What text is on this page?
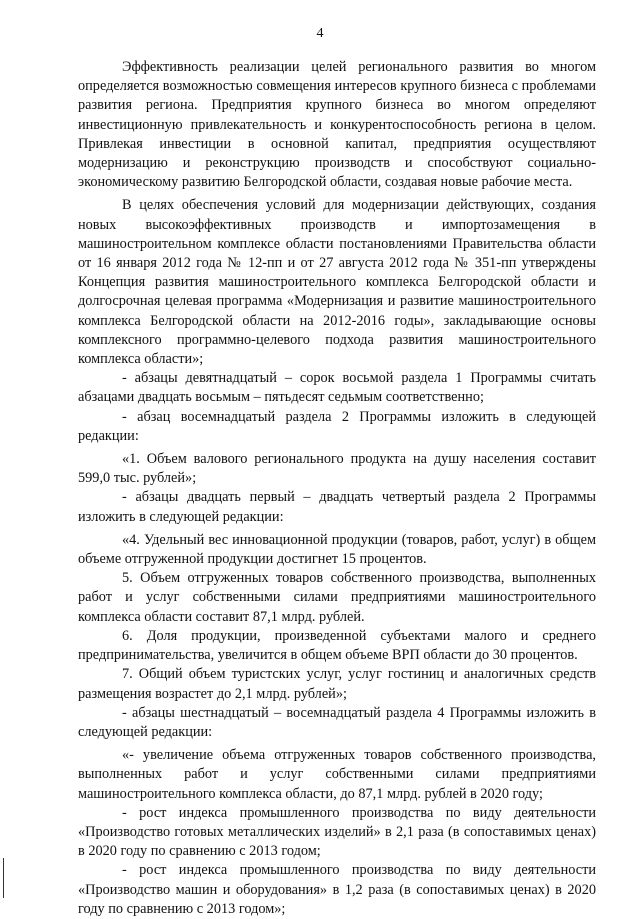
4

Эффективность реализации целей регионального развития во многом определяется возможностью совмещения интересов крупного бизнеса с проблемами развития региона. Предприятия крупного бизнеса во многом определяют инвестиционную привлекательность и конкурентоспособность региона в целом. Привлекая инвестиции в основной капитал, предприятия осуществляют модернизацию и реконструкцию производств и способствуют социально-экономическому развитию Белгородской области, создавая новые рабочие места.

В целях обеспечения условий для модернизации действующих, создания новых высокоэффективных производств и импортозамещения в машиностроительном комплексе области постановлениями Правительства области от 16 января 2012 года № 12-пп и от 27 августа 2012 года № 351-пп утверждены Концепция развития машиностроительного комплекса Белгородской области и долгосрочная целевая программа «Модернизация и развитие машиностроительного комплекса Белгородской области на 2012-2016 годы», закладывающие основы комплексного программно-целевого подхода развития машиностроительного комплекса области»;

- абзацы девятнадцатый – сорок восьмой раздела 1 Программы считать абзацами двадцать восьмым – пятьдесят седьмым соответственно;

- абзац восемнадцатый раздела 2 Программы изложить в следующей редакции:

«1. Объем валового регионального продукта на душу населения составит 599,0 тыс. рублей»;

- абзацы двадцать первый – двадцать четвертый раздела 2 Программы изложить в следующей редакции:

«4. Удельный вес инновационной продукции (товаров, работ, услуг) в общем объеме отгруженной продукции достигнет 15 процентов.

5. Объем отгруженных товаров собственного производства, выполненных работ и услуг собственными силами предприятиями машиностроительного комплекса области составит 87,1 млрд. рублей.

6. Доля продукции, произведенной субъектами малого и среднего предпринимательства, увеличится в общем объеме ВРП области до 30 процентов.

7. Общий объем туристских услуг, услуг гостиниц и аналогичных средств размещения возрастет до 2,1 млрд. рублей»;

- абзацы шестнадцатый – восемнадцатый раздела 4 Программы изложить в следующей редакции:

«- увеличение объема отгруженных товаров собственного производства, выполненных работ и услуг собственными силами предприятиями машиностроительного комплекса области, до 87,1 млрд. рублей в 2020 году;

- рост индекса промышленного производства по виду деятельности «Производство готовых металлических изделий» в 2,1 раза (в сопоставимых ценах) в 2020 году по сравнению с 2013 годом;

- рост индекса промышленного производства по виду деятельности «Производство машин и оборудования» в 1,2 раза (в сопоставимых ценах) в 2020 году по сравнению с 2013 годом»;
